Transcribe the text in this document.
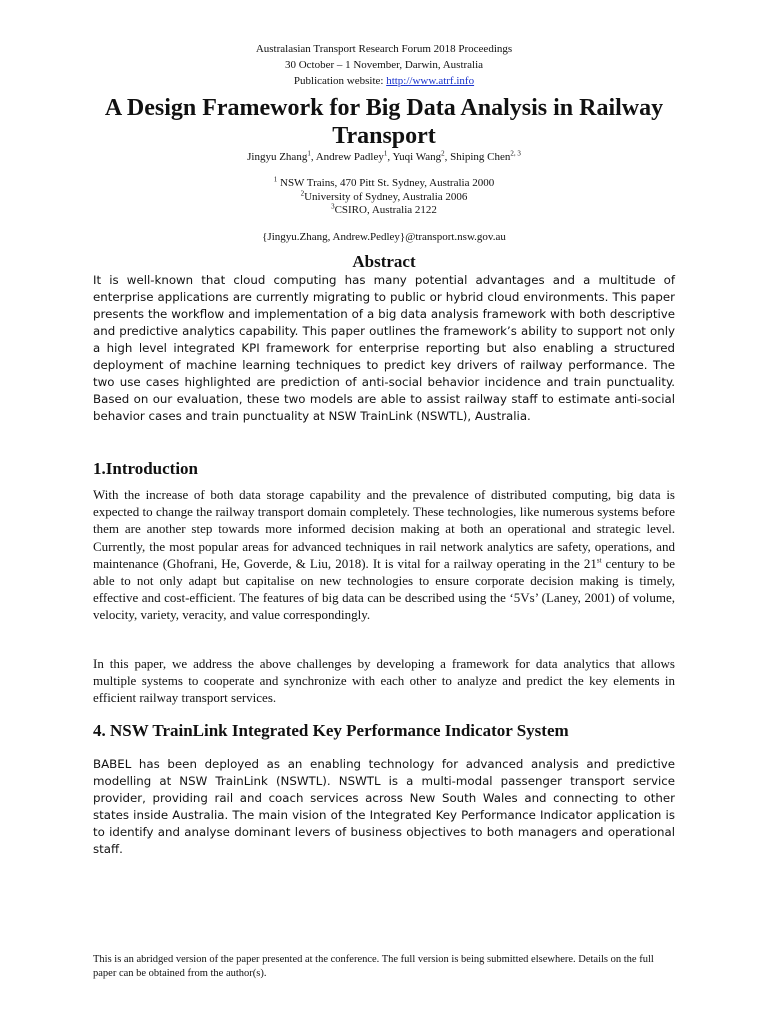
Australasian Transport Research Forum 2018 Proceedings
30 October – 1 November, Darwin, Australia
Publication website: http://www.atrf.info
A Design Framework for Big Data Analysis in Railway Transport
Jingyu Zhang$^1$, Andrew Padley$^1$, Yuqi Wang$^2$, Shiping Chen$^{2, 3}$
$^1$ NSW Trains, 470 Pitt St. Sydney, Australia 2000
$^2$University of Sydney, Australia 2006
$^3$CSIRO, Australia 2122
{Jingyu.Zhang, Andrew.Pedley}@transport.nsw.gov.au
Abstract
It is well-known that cloud computing has many potential advantages and a multitude of enterprise applications are currently migrating to public or hybrid cloud environments. This paper presents the workflow and implementation of a big data analysis framework with both descriptive and predictive analytics capability. This paper outlines the framework’s ability to support not only a high level integrated KPI framework for enterprise reporting but also enabling a structured deployment of machine learning techniques to predict key drivers of railway performance. The two use cases highlighted are prediction of anti-social behavior incidence and train punctuality. Based on our evaluation, these two models are able to assist railway staff to estimate anti-social behavior cases and train punctuality at NSW TrainLink (NSWTL), Australia.
1.Introduction
With the increase of both data storage capability and the prevalence of distributed computing, big data is expected to change the railway transport domain completely. These technologies, like numerous systems before them are another step towards more informed decision making at both an operational and strategic level. Currently, the most popular areas for advanced techniques in rail network analytics are safety, operations, and maintenance (Ghofrani, He, Goverde, & Liu, 2018). It is vital for a railway operating in the 21st century to be able to not only adapt but capitalise on new technologies to ensure corporate decision making is timely, effective and cost-efficient. The features of big data can be described using the ‘5Vs’ (Laney, 2001) of volume, velocity, variety, veracity, and value correspondingly.
In this paper, we address the above challenges by developing a framework for data analytics that allows multiple systems to cooperate and synchronize with each other to analyze and predict the key elements in efficient railway transport services.
4. NSW TrainLink Integrated Key Performance Indicator System
BABEL has been deployed as an enabling technology for advanced analysis and predictive modelling at NSW TrainLink (NSWTL). NSWTL is a multi-modal passenger transport service provider, providing rail and coach services across New South Wales and connecting to other states inside Australia. The main vision of the Integrated Key Performance Indicator application is to identify and analyse dominant levers of business objectives to both managers and operational staff.
This is an abridged version of the paper presented at the conference. The full version is being submitted elsewhere. Details on the full paper can be obtained from the author(s).
